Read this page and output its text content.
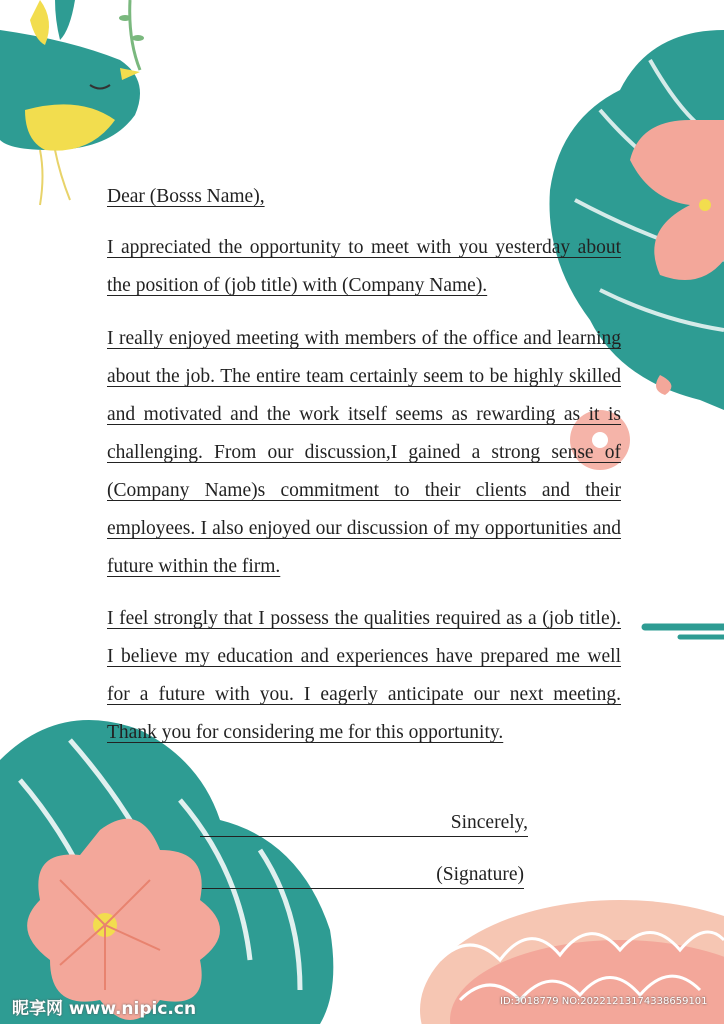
Dear (Bosss Name),
I appreciated the opportunity to meet with you yesterday about the position of (job title) with (Company Name).
I really enjoyed meeting with members of the office and learning about the job. The entire team certainly seem to be highly skilled and motivated and the work itself seems as rewarding as it is challenging. From our discussion,I gained a strong sense of (Company Name)s commitment to their clients and their employees. I also enjoyed our discussion of my opportunities and future within the firm.
I feel strongly that I possess the qualities required as a (job title). I believe my education and experiences have prepared me well for a future with you. I eagerly anticipate our next meeting. Thank you for considering me for this opportunity.
Sincerely,
(Signature)
昵享网 www.nipic.cn	ID:3018779 NO:20221213174338659101
